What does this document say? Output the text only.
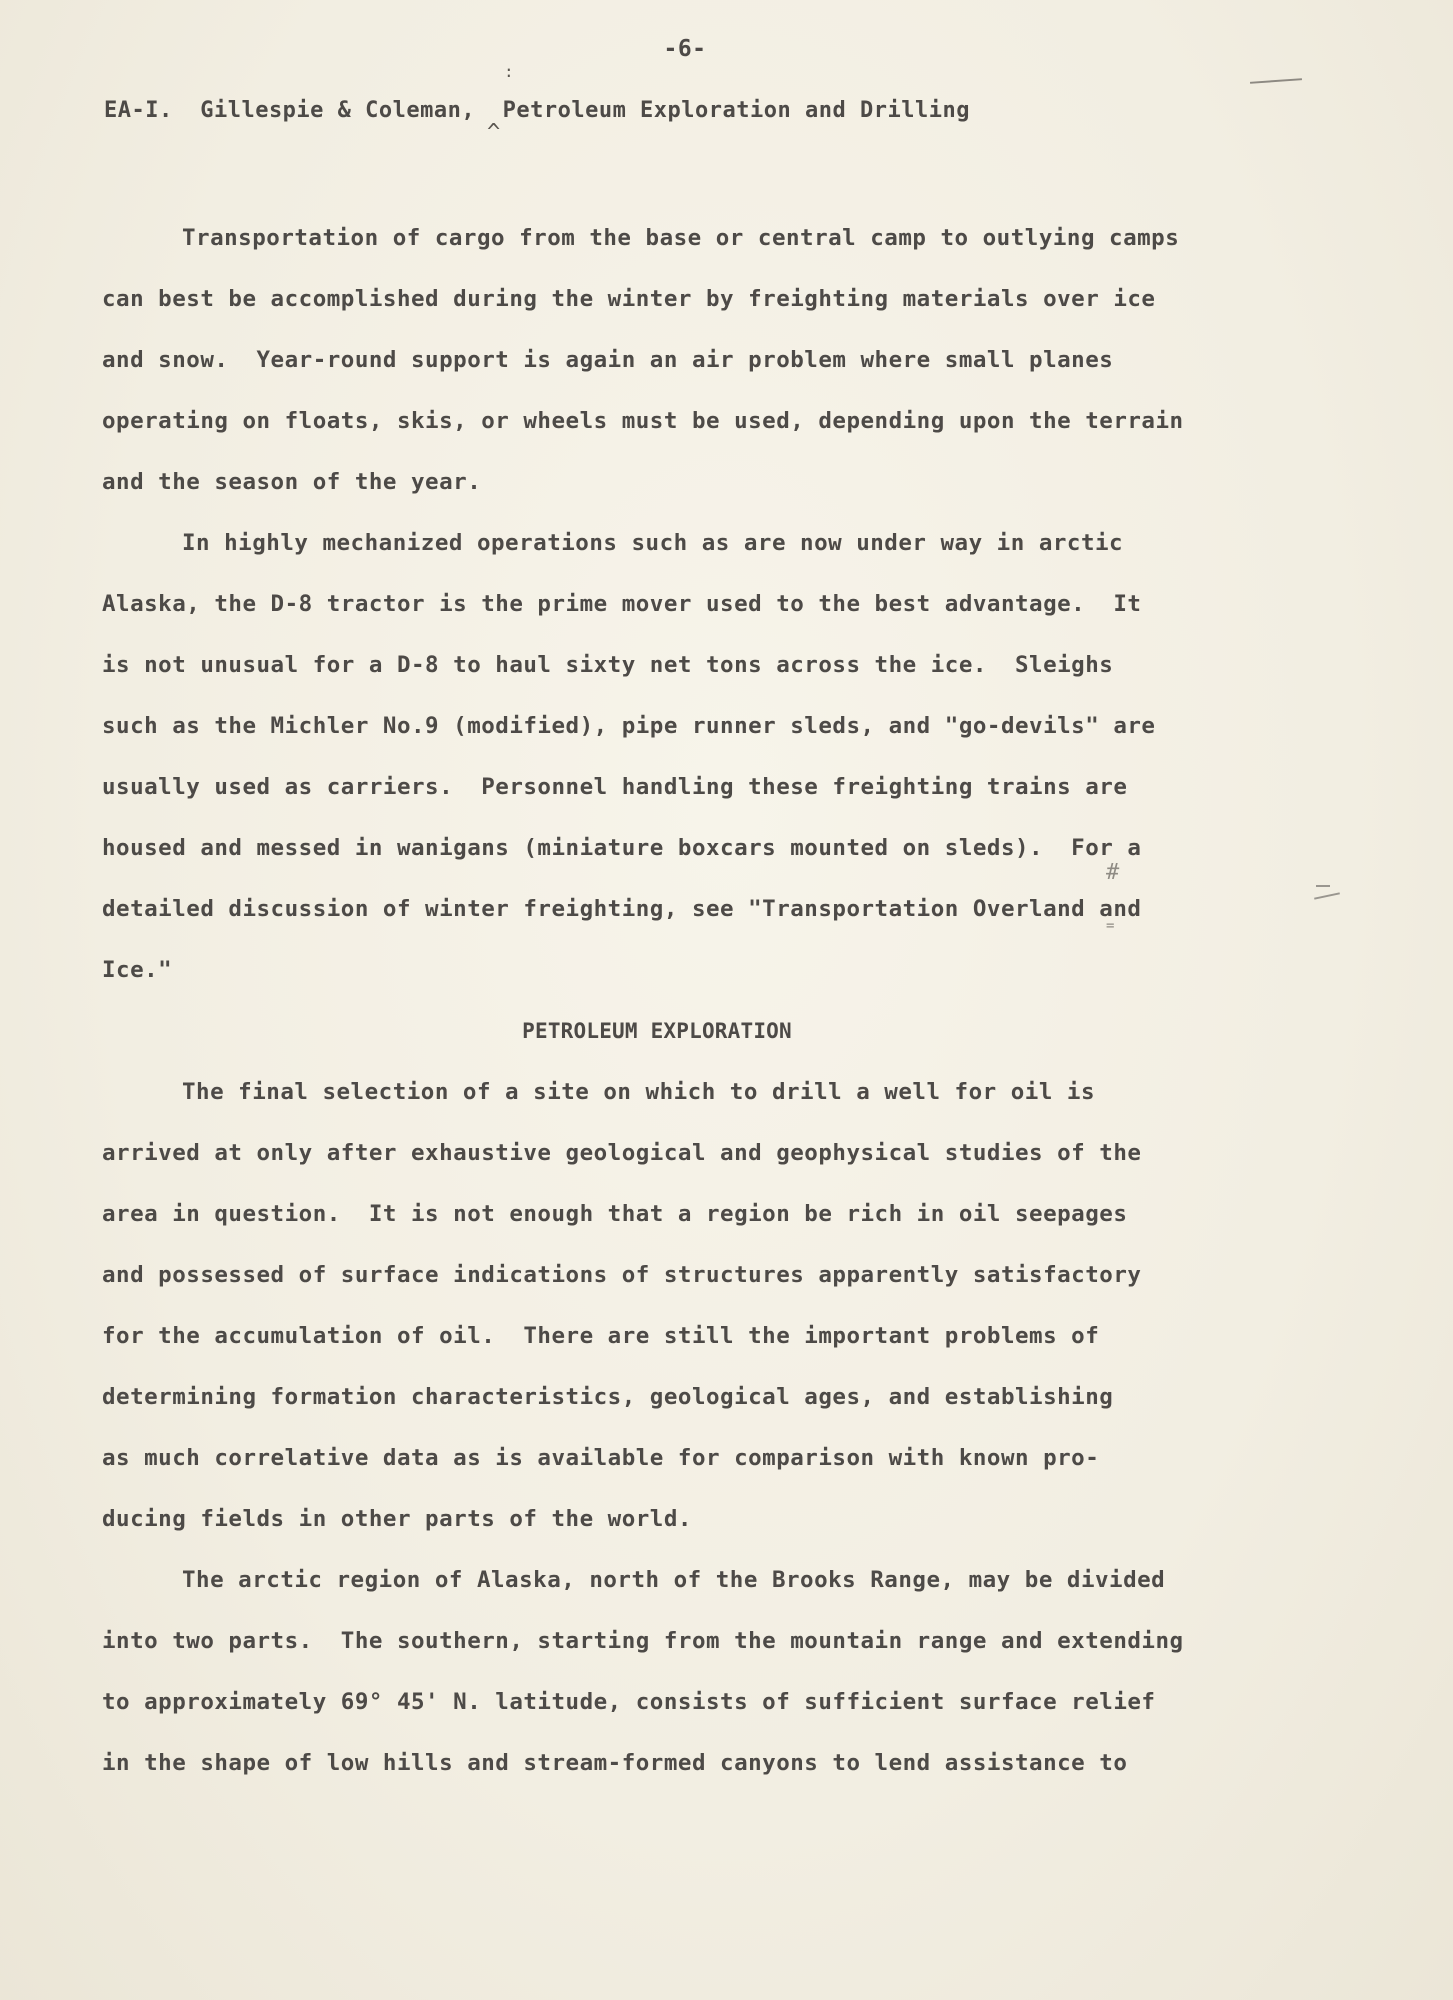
-6-
:
EA-I.  Gillespie & Coleman,  Petroleum Exploration and Drilling
^
#
=
Transportation of cargo from the base or central camp to outlying camps
can best be accomplished during the winter by freighting materials over ice
and snow.  Year-round support is again an air problem where small planes
operating on floats, skis, or wheels must be used, depending upon the terrain
and the season of the year.
In highly mechanized operations such as are now under way in arctic
Alaska, the D-8 tractor is the prime mover used to the best advantage.  It
is not unusual for a D-8 to haul sixty net tons across the ice.  Sleighs
such as the Michler No.9 (modified), pipe runner sleds, and "go-devils" are
usually used as carriers.  Personnel handling these freighting trains are
housed and messed in wanigans (miniature boxcars mounted on sleds).  For a
detailed discussion of winter freighting, see "Transportation Overland and
Ice."
PETROLEUM EXPLORATION
The final selection of a site on which to drill a well for oil is
arrived at only after exhaustive geological and geophysical studies of the
area in question.  It is not enough that a region be rich in oil seepages
and possessed of surface indications of structures apparently satisfactory
for the accumulation of oil.  There are still the important problems of
determining formation characteristics, geological ages, and establishing
as much correlative data as is available for comparison with known pro-
ducing fields in other parts of the world.
The arctic region of Alaska, north of the Brooks Range, may be divided
into two parts.  The southern, starting from the mountain range and extending
to approximately 69° 45' N. latitude, consists of sufficient surface relief
in the shape of low hills and stream-formed canyons to lend assistance to
